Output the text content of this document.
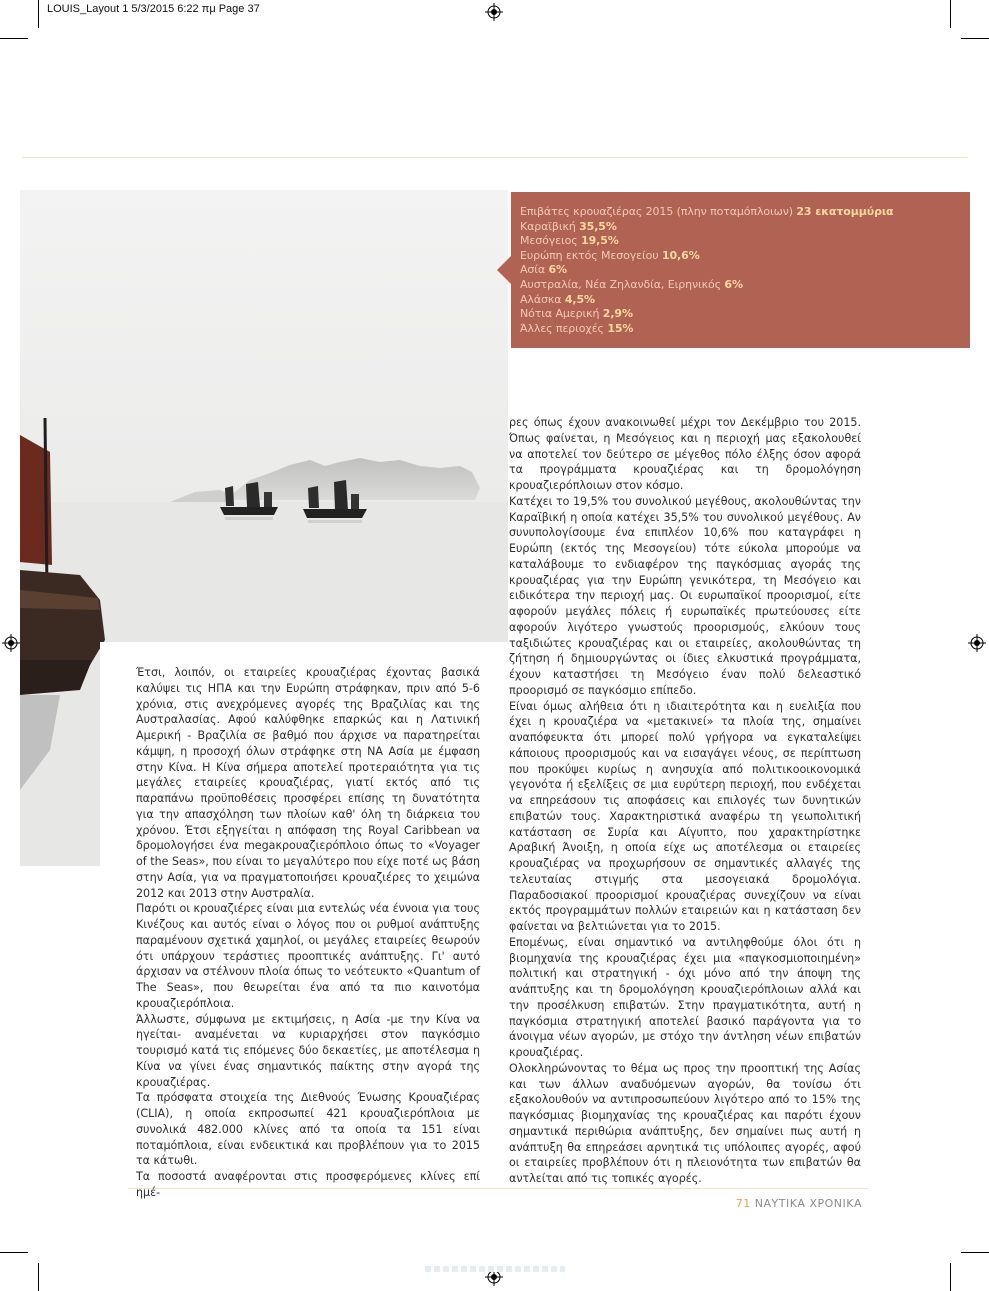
LOUIS_Layout 1 5/3/2015 6:22 πμ Page 37
Επιβάτες κρουαζιέρας 2015 (πλην ποταμόπλοιων) 23 εκατομμύρια
Καραϊβική 35,5%
Μεσόγειος 19,5%
Ευρώπη εκτός Μεσογείου 10,6%
Ασία 6%
Αυστραλία, Νέα Ζηλανδία, Ειρηνικός 6%
Αλάσκα 4,5%
Νότια Αμερική 2,9%
Άλλες περιοχές 15%

Έτσι, λοιπόν, οι εταιρείες κρουαζιέρας έχοντας βασικά καλύψει τις ΗΠΑ και την Ευρώπη στράφηκαν, πριν από 5-6 χρόνια, στις ανεχρόμενες αγορές της Βραζιλίας και της Αυστραλασίας. Αφού καλύφθηκε επαρκώς και η Λατινική Αμερική - Βραζιλία σε βαθμό που άρχισε να παρατηρείται κάμψη, η προσοχή όλων στράφηκε στη ΝΑ Ασία με έμφαση στην Κίνα. Η Κίνα σήμερα αποτελεί προτεραιότητα για τις μεγάλες εταιρείες κρουαζιέρας, γιατί εκτός από τις παραπάνω προϋποθέσεις προσφέρει επίσης τη δυνατότητα για την απασχόληση των πλοίων καθ' όλη τη διάρκεια του χρόνου. Έτσι εξηγείται η απόφαση της Royal Caribbean να δρομολογήσει ένα megaκρουαζιερόπλοιο όπως το «Voyager of the Seas», που είναι το μεγαλύτερο που είχε ποτέ ως βάση στην Ασία, για να πραγματοποιήσει κρουαζιέρες το χειμώνα 2012 και 2013 στην Αυστραλία.

Παρότι οι κρουαζιέρες είναι μια εντελώς νέα έννοια για τους Κινέζους και αυτός είναι ο λόγος που οι ρυθμοί ανάπτυξης παραμένουν σχετικά χαμηλοί, οι μεγάλες εταιρείες θεωρούν ότι υπάρχουν τεράστιες προοπτικές ανάπτυξης. Γι' αυτό άρχισαν να στέλνουν πλοία όπως το νεότευκτο «Quantum of The Seas», που θεωρείται ένα από τα πιο καινοτόμα κρουαζιερόπλοια.

Άλλωστε, σύμφωνα με εκτιμήσεις, η Ασία -με την Κίνα να ηγείται- αναμένεται να κυριαρχήσει στον παγκόσμιο τουρισμό κατά τις επόμενες δύο δεκαετίες, με αποτέλεσμα η Κίνα να γίνει ένας σημαντικός παίκτης στην αγορά της κρουαζιέρας.

Τα πρόσφατα στοιχεία της Διεθνούς Ένωσης Κρουαζιέρας (CLIA), η οποία εκπροσωπεί 421 κρουαζιερόπλοια με συνολικά 482.000 κλίνες από τα οποία τα 151 είναι ποταμόπλοια, είναι ενδεικτικά και προβλέπουν για το 2015 τα κάτωθι.

Τα ποσοστά αναφέρονται στις προσφερόμενες κλίνες επί ημέ-

ρες όπως έχουν ανακοινωθεί μέχρι τον Δεκέμβριο του 2015. Όπως φαίνεται, η Μεσόγειος και η περιοχή μας εξακολουθεί να αποτελεί τον δεύτερο σε μέγεθος πόλο έλξης όσον αφορά τα προγράμματα κρουαζιέρας και τη δρομολόγηση κρουαζιερόπλοιων στον κόσμο.

Κατέχει το 19,5% του συνολικού μεγέθους, ακολουθώντας την Καραϊβική η οποία κατέχει 35,5% του συνολικού μεγέθους. Αν συνυπολογίσουμε ένα επιπλέον 10,6% που καταγράφει η Ευρώπη (εκτός της Μεσογείου) τότε εύκολα μπορούμε να καταλάβουμε το ενδιαφέρον της παγκόσμιας αγοράς της κρουαζιέρας για την Ευρώπη γενικότερα, τη Μεσόγειο και ειδικότερα την περιοχή μας. Οι ευρωπαϊκοί προορισμοί, είτε αφορούν μεγάλες πόλεις ή ευρωπαϊκές πρωτεύουσες είτε αφορούν λιγότερο γνωστούς προορισμούς, ελκύουν τους ταξιδιώτες κρουαζιέρας και οι εταιρείες, ακολουθώντας τη ζήτηση ή δημιουργώντας οι ίδιες ελκυστικά προγράμματα, έχουν καταστήσει τη Μεσόγειο έναν πολύ δελεαστικό προορισμό σε παγκόσμιο επίπεδο.

Είναι όμως αλήθεια ότι η ιδιαιτερότητα και η ευελιξία που έχει η κρουαζιέρα να «μετακινεί» τα πλοία της, σημαίνει αναπόφευκτα ότι μπορεί πολύ γρήγορα να εγκαταλείψει κάποιους προορισμούς και να εισαγάγει νέους, σε περίπτωση που προκύψει κυρίως η ανησυχία από πολιτικοοικονομικά γεγονότα ή εξελίξεις σε μια ευρύτερη περιοχή, που ενδέχεται να επηρεάσουν τις αποφάσεις και επιλογές των δυνητικών επιβατών τους. Χαρακτηριστικά αναφέρω τη γεωπολιτική κατάσταση σε Συρία και Αίγυπτο, που χαρακτηρίστηκε Αραβική Άνοιξη, η οποία είχε ως αποτέλεσμα οι εταιρείες κρουαζιέρας να προχωρήσουν σε σημαντικές αλλαγές της τελευταίας στιγμής στα μεσογειακά δρομολόγια. Παραδοσιακοί προορισμοί κρουαζιέρας συνεχίζουν να είναι εκτός προγραμμάτων πολλών εταιρειών και η κατάσταση δεν φαίνεται να βελτιώνεται για το 2015.

Επομένως, είναι σημαντικό να αντιληφθούμε όλοι ότι η βιομηχανία της κρουαζιέρας έχει μια «παγκοσμιοποιημένη» πολιτική και στρατηγική - όχι μόνο από την άποψη της ανάπτυξης και τη δρομολόγηση κρουαζιερόπλοιων αλλά και την προσέλκυση επιβατών. Στην πραγματικότητα, αυτή η παγκόσμια στρατηγική αποτελεί βασικό παράγοντα για το άνοιγμα νέων αγορών, με στόχο την άντληση νέων επιβατών κρουαζιέρας.

Ολοκληρώνοντας το θέμα ως προς την προοπτική της Ασίας και των άλλων αναδυόμενων αγορών, θα τονίσω ότι εξακολουθούν να αντιπροσωπεύουν λιγότερο από το 15% της παγκόσμιας βιομηχανίας της κρουαζιέρας και παρότι έχουν σημαντικά περιθώρια ανάπτυξης, δεν σημαίνει πως αυτή η ανάπτυξη θα επηρεάσει αρνητικά τις υπόλοιπες αγορές, αφού οι εταιρείες προβλέπουν ότι η πλειονότητα των επιβατών θα αντλείται από τις τοπικές αγορές.

71 ΝΑΥΤΙΚΑ ΧΡΟΝΙΚΑ
